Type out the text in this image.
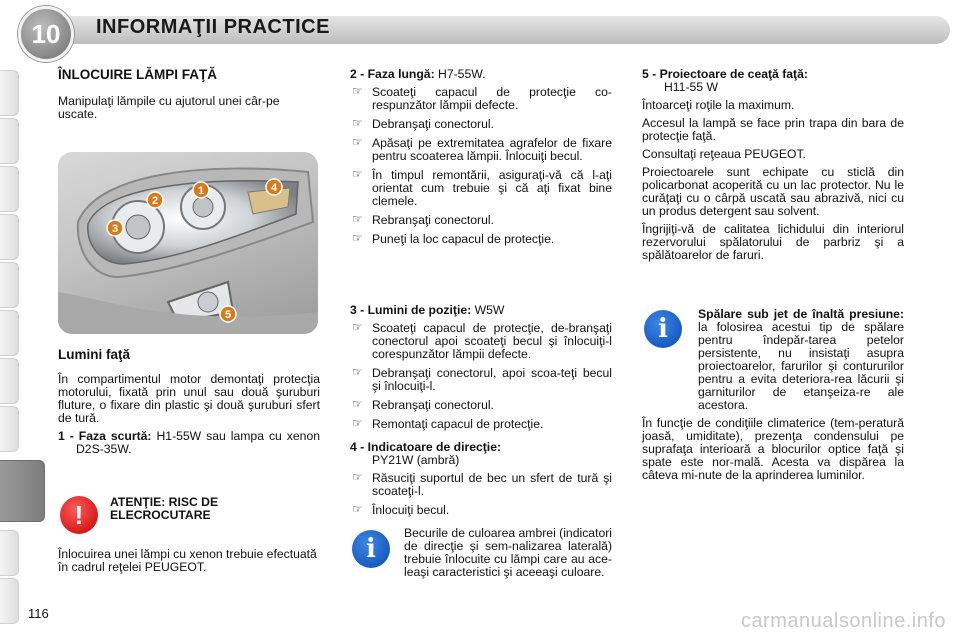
10	INFORMAŢII PRACTICE
ÎNLOCUIRE LĂMPI FAŢĂ

Manipulaţi lămpile cu ajutorul unei câr-pe uscate.

1
2
3
4
5
Lumini faţă

În compartimentul motor demontaţi protecţia motorului, fixată prin unul sau două şuruburi fluture, o fixare din plastic şi două şuruburi sfert de tură.

1 - Faza scurtă: H1-55W sau lampa cu xenon D2S-35W.

!	ATENŢIE: RISC DE ELECROCUTARE
Înlocuirea unei lămpi cu xenon trebuie efectuată în cadrul reţelei PEUGEOT.

2 - Faza lungă: H7-55W.

☞ Scoateţi capacul de protecţie co-respunzător lămpii defecte.
☞ Debranşaţi conectorul.
☞ Apăsaţi pe extremitatea agrafelor de fixare pentru scoaterea lămpii. Înlocuiţi becul.
☞ În timpul remontării, asiguraţi-vă că l-aţi orientat cum trebuie şi că aţi fixat bine clemele.
☞ Rebranşaţi conectorul.
☞ Puneţi la loc capacul de protecţie.

3 - Lumini de poziţie: W5W

☞ Scoateţi capacul de protecţie, de-branşaţi conectorul apoi scoateţi becul şi înlocuiţi-l corespunzător lămpii defecte.
☞ Debranşaţi conectorul, apoi scoa-teţi becul şi înlocuiţi-l.
☞ Rebranşaţi conectorul.
☞ Remontaţi capacul de protecţie.

4 - Indicatoare de direcţie:

PY21W (ambră)

☞ Răsuciţi suportul de bec un sfert de tură şi scoateţi-l.
☞ Înlocuiţi becul.
i
Becurile de culoarea ambrei (indicatori de direcţie şi sem-nalizarea laterală) trebuie înlocuite cu lămpi care au ace-leaşi caracteristici şi aceeaşi culoare.

5 - Proiectoare de ceaţă faţă:

H11-55 W

Întoarceţi roţile la maximum.

Accesul la lampă se face prin trapa din bara de protecţie faţă.

Consultaţi reţeaua PEUGEOT.

Proiectoarele sunt echipate cu sticlă din policarbonat acoperită cu un lac protector. Nu le curăţaţi cu o cârpă uscată sau abrazivă, nici cu un produs detergent sau solvent.

Îngrijiţi-vă de calitatea lichidului din interiorul rezervorului spălatorului de parbriz şi a spălătoarelor de faruri.

i	Spălare sub jet de înaltă presiune: la folosirea acestui tip de spălare pentru îndepăr-tarea petelor persistente, nu insistaţi asupra proiectoarelor, farurilor şi contururilor pentru a evita deteriora-rea lăcurii şi garniturilor de etanşeiza-re ale acestora.

În funcţie de condiţiile climaterice (tem-peratură joasă, umiditate), prezenţa condensului pe suprafaţa interioară a blocurilor optice faţă şi spate este nor-mală. Acesta va dispărea la câteva mi-nute de la aprinderea luminilor.

116	carmanualsonline.info
